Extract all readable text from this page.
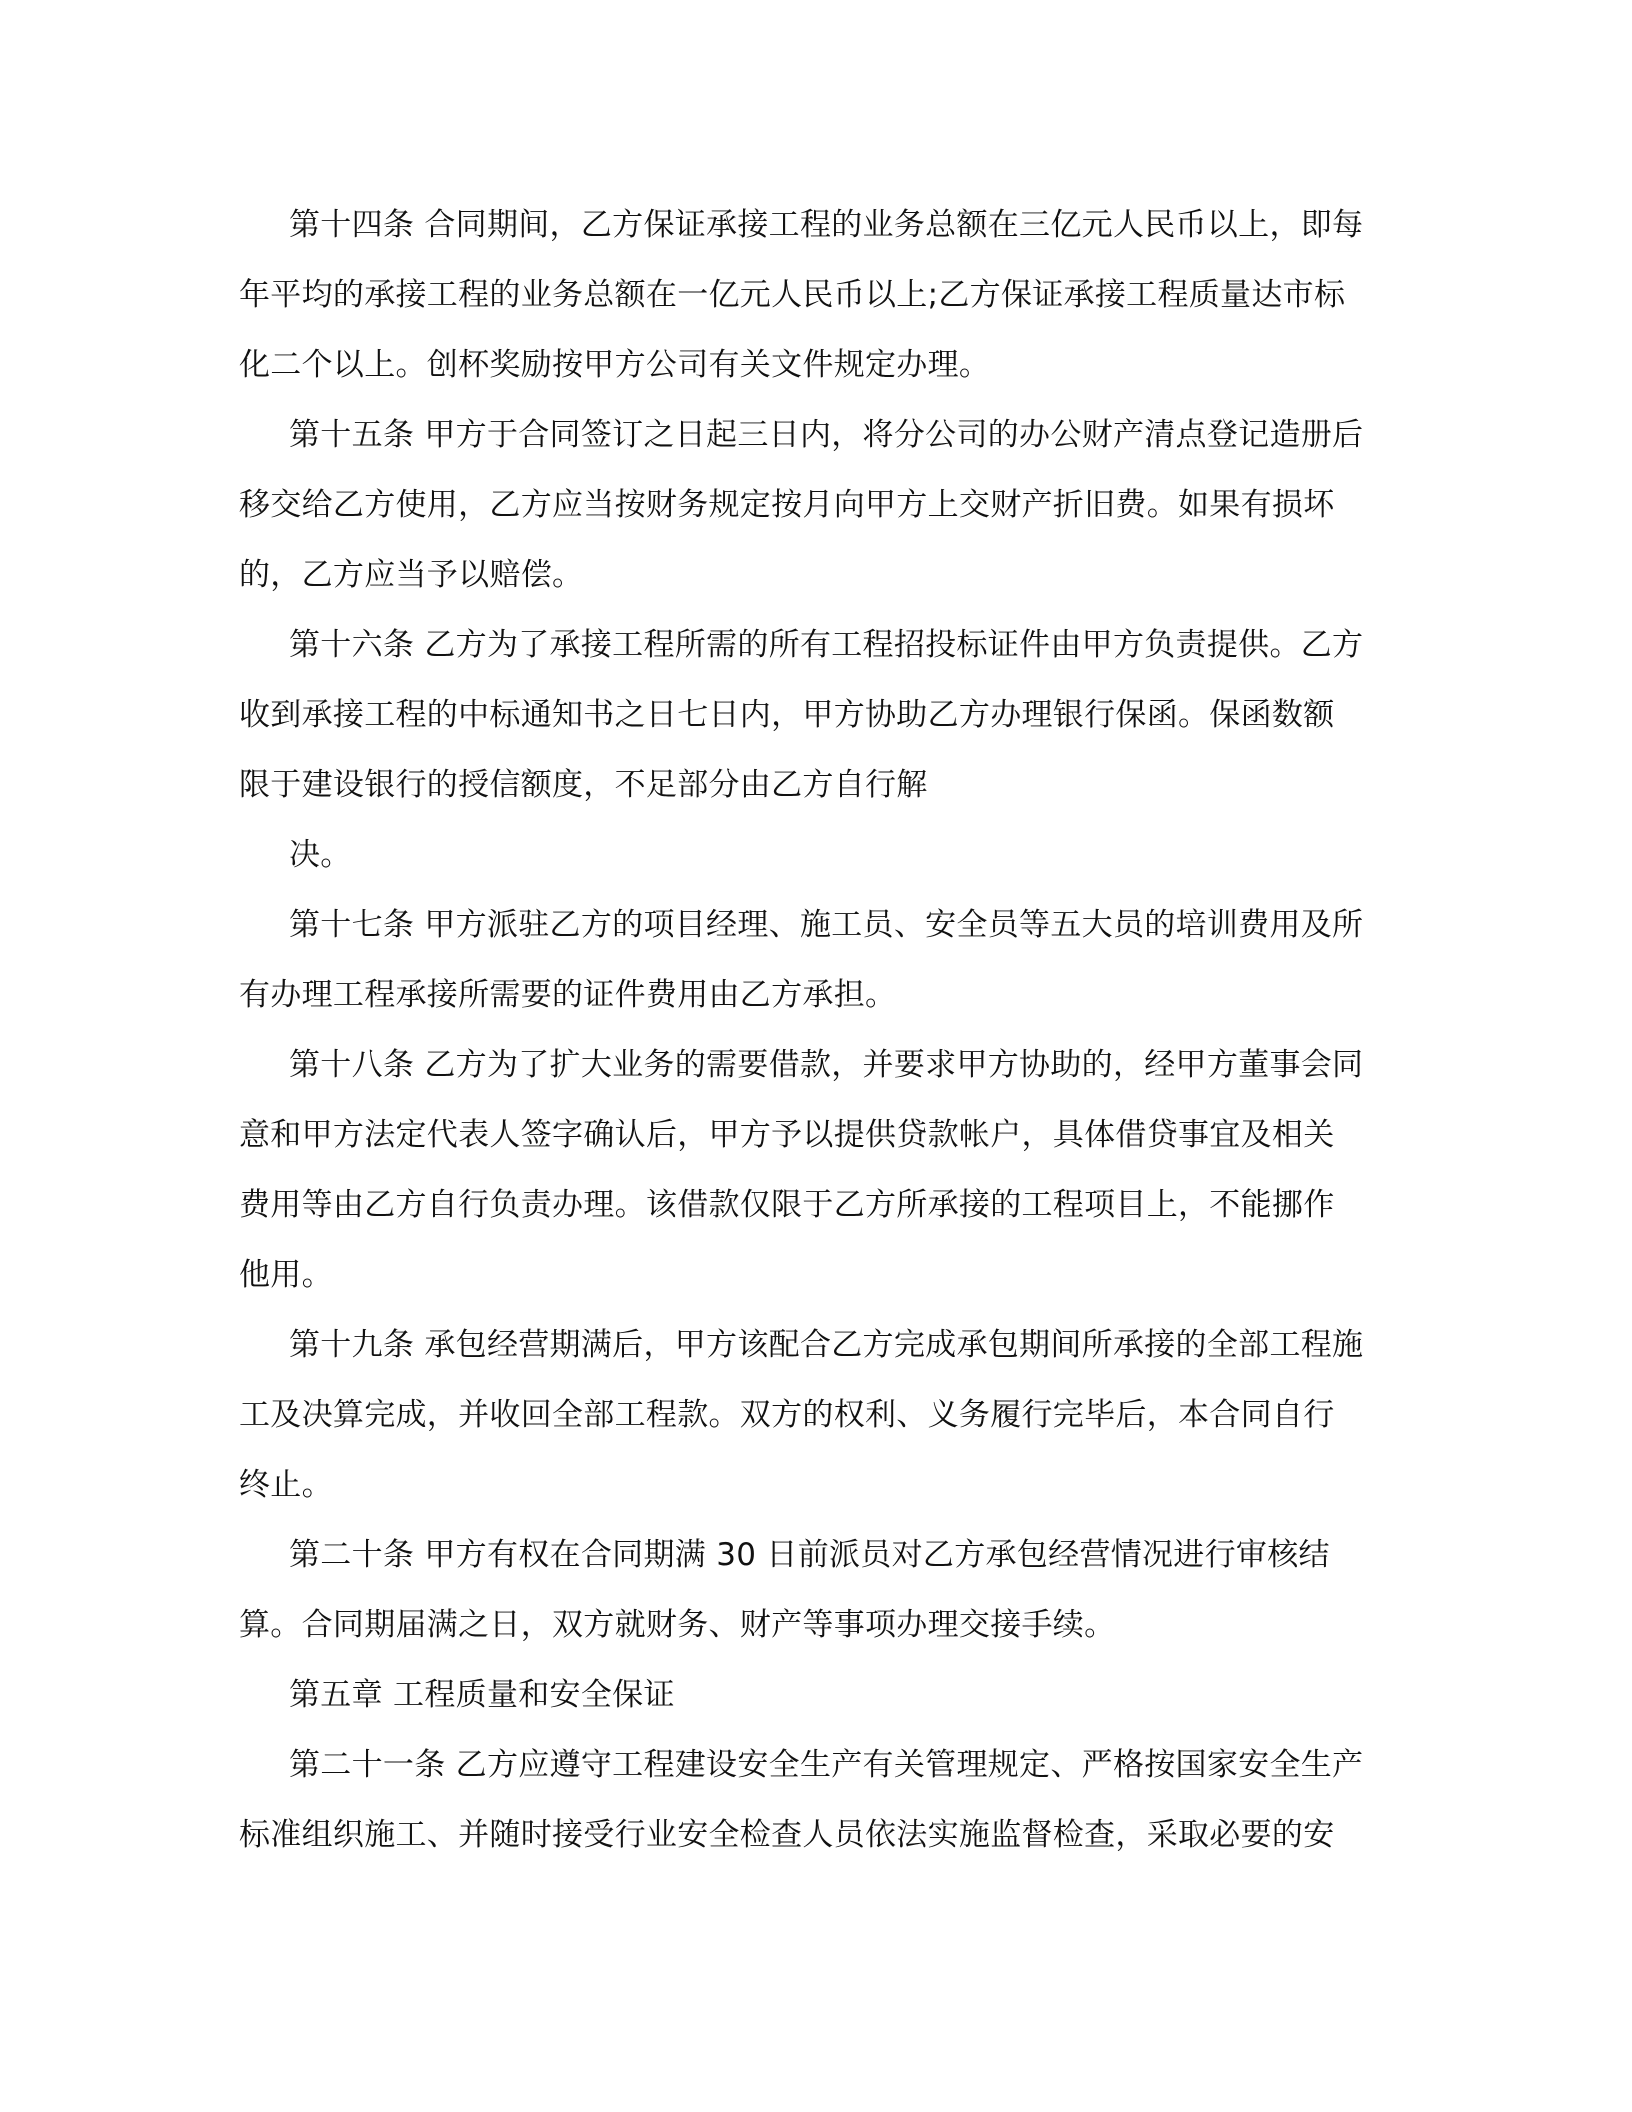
第十四条 合同期间，乙方保证承接工程的业务总额在三亿元人民币以上，即每
年平均的承接工程的业务总额在一亿元人民币以上;乙方保证承接工程质量达市标
化二个以上。创杯奖励按甲方公司有关文件规定办理。
第十五条 甲方于合同签订之日起三日内，将分公司的办公财产清点登记造册后
移交给乙方使用，乙方应当按财务规定按月向甲方上交财产折旧费。如果有损坏
的，乙方应当予以赔偿。
第十六条 乙方为了承接工程所需的所有工程招投标证件由甲方负责提供。乙方
收到承接工程的中标通知书之日七日内，甲方协助乙方办理银行保函。保函数额
限于建设银行的授信额度，不足部分由乙方自行解
决。
第十七条 甲方派驻乙方的项目经理、施工员、安全员等五大员的培训费用及所
有办理工程承接所需要的证件费用由乙方承担。
第十八条 乙方为了扩大业务的需要借款，并要求甲方协助的，经甲方董事会同
意和甲方法定代表人签字确认后，甲方予以提供贷款帐户，具体借贷事宜及相关
费用等由乙方自行负责办理。该借款仅限于乙方所承接的工程项目上，不能挪作
他用。
第十九条 承包经营期满后，甲方该配合乙方完成承包期间所承接的全部工程施
工及决算完成，并收回全部工程款。双方的权利、义务履行完毕后，本合同自行
终止。
第二十条 甲方有权在合同期满 30 日前派员对乙方承包经营情况进行审核结
算。合同期届满之日，双方就财务、财产等事项办理交接手续。
第五章 工程质量和安全保证
第二十一条 乙方应遵守工程建设安全生产有关管理规定、严格按国家安全生产
标准组织施工、并随时接受行业安全检查人员依法实施监督检查，采取必要的安
